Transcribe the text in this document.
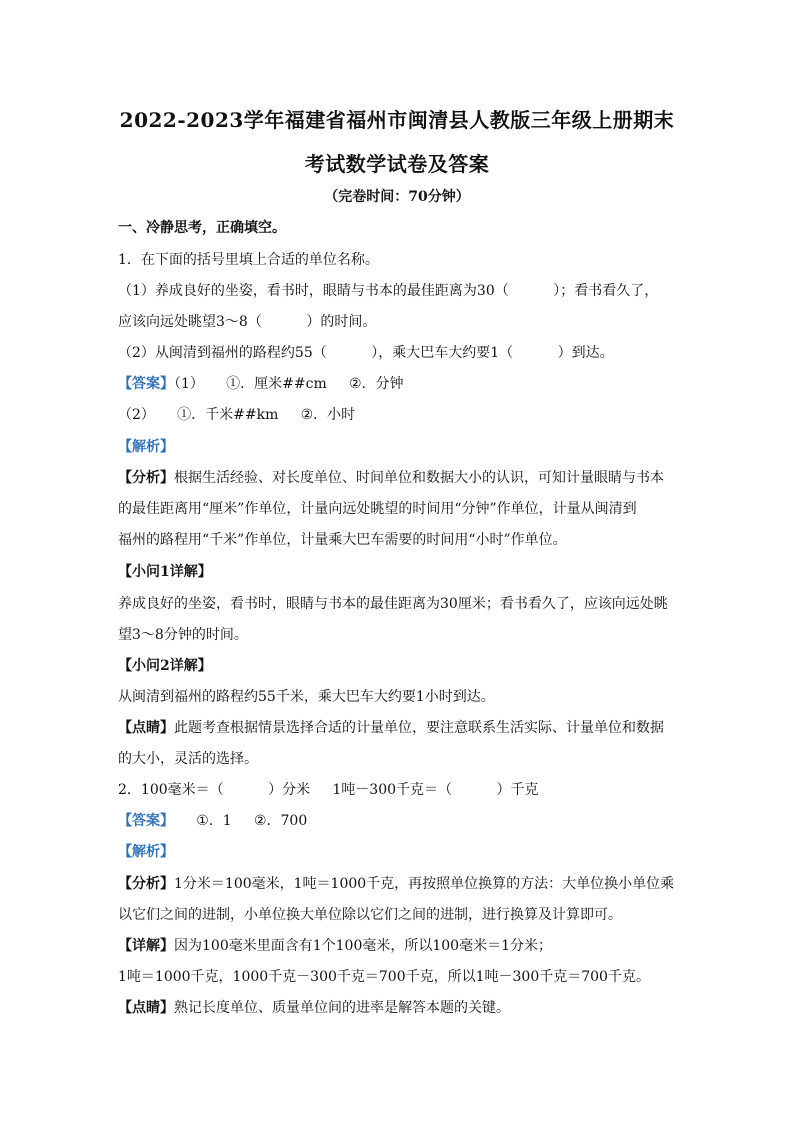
2022-2023学年福建省福州市闽清县人教版三年级上册期末
考试数学试卷及答案
（完卷时间：70分钟）
一、冷静思考，正确填空。
1．在下面的括号里填上合适的单位名称。
（1）养成良好的坐姿，看书时，眼睛与书本的最佳距离为30（          ）；看书看久了，
应该向远处眺望3～8（          ）的时间。
（2）从闽清到福州的路程约55（          ），乘大巴车大约要1（          ）到达。
【答案】（1）     ①．厘米##cm     ②．分钟
（2）     ①．千米##km     ②．小时
【解析】
【分析】根据生活经验、对长度单位、时间单位和数据大小的认识，可知计量眼睛与书本
的最佳距离用“厘米”作单位，计量向远处眺望的时间用“分钟”作单位，计量从闽清到
福州的路程用“千米”作单位，计量乘大巴车需要的时间用“小时”作单位。
【小问1详解】
养成良好的坐姿，看书时，眼睛与书本的最佳距离为30厘米；看书看久了，应该向远处眺
望3～8分钟的时间。
【小问2详解】
从闽清到福州的路程约55千米，乘大巴车大约要1小时到达。
【点睛】此题考查根据情景选择合适的计量单位，要注意联系生活实际、计量单位和数据
的大小，灵活的选择。
2．100毫米＝（          ）分米     1吨－300千克＝（          ）千克
【答案】     ①．1     ②．700
【解析】
【分析】1分米＝100毫米，1吨＝1000千克，再按照单位换算的方法：大单位换小单位乘
以它们之间的进制，小单位换大单位除以它们之间的进制，进行换算及计算即可。
【详解】因为100毫米里面含有1个100毫米，所以100毫米＝1分米；
1吨＝1000千克，1000千克－300千克＝700千克，所以1吨－300千克＝700千克。
【点睛】熟记长度单位、质量单位间的进率是解答本题的关键。
